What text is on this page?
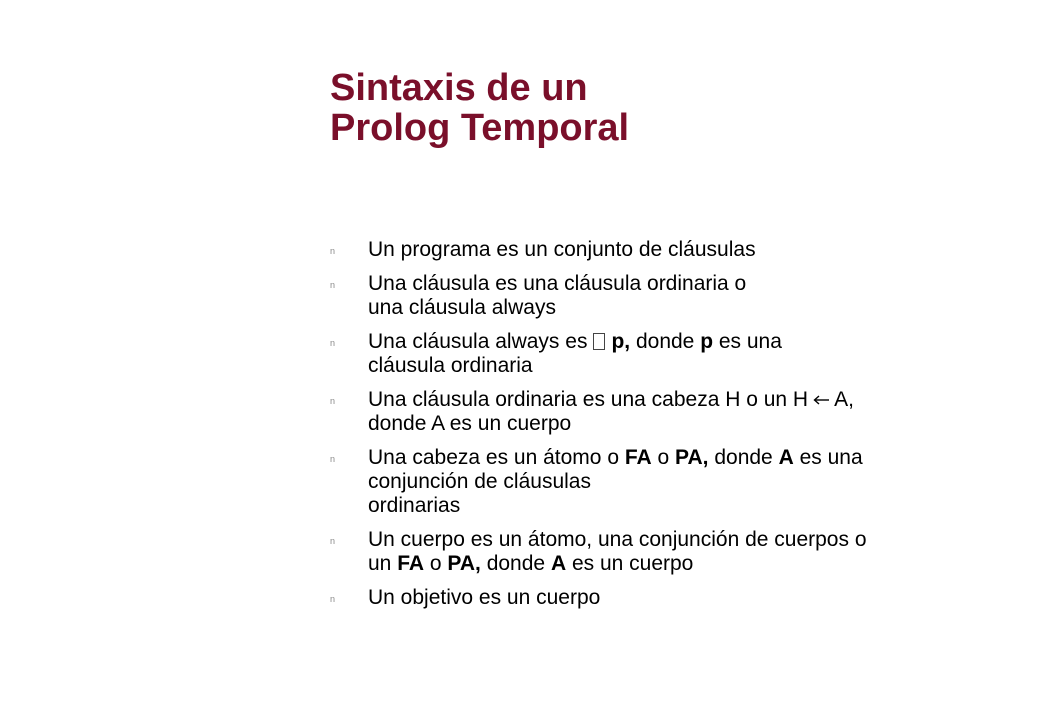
Sintaxis de un
Prolog Temporal
n Un programa es un conjunto de cláusulas
n Una cláusula es una cláusula ordinaria o
una cláusula always
n Una cláusula always es p, donde p es una
cláusula ordinaria
n Una cláusula ordinaria es una cabeza H o un H A,
donde A es un cuerpo
n Una cabeza es un átomo o FA o PA, donde A es una
conjunción de cláusulas
ordinarias
n Un cuerpo es un átomo, una conjunción de cuerpos o
un FA o PA, donde A es un cuerpo
n Un objetivo es un cuerpo
